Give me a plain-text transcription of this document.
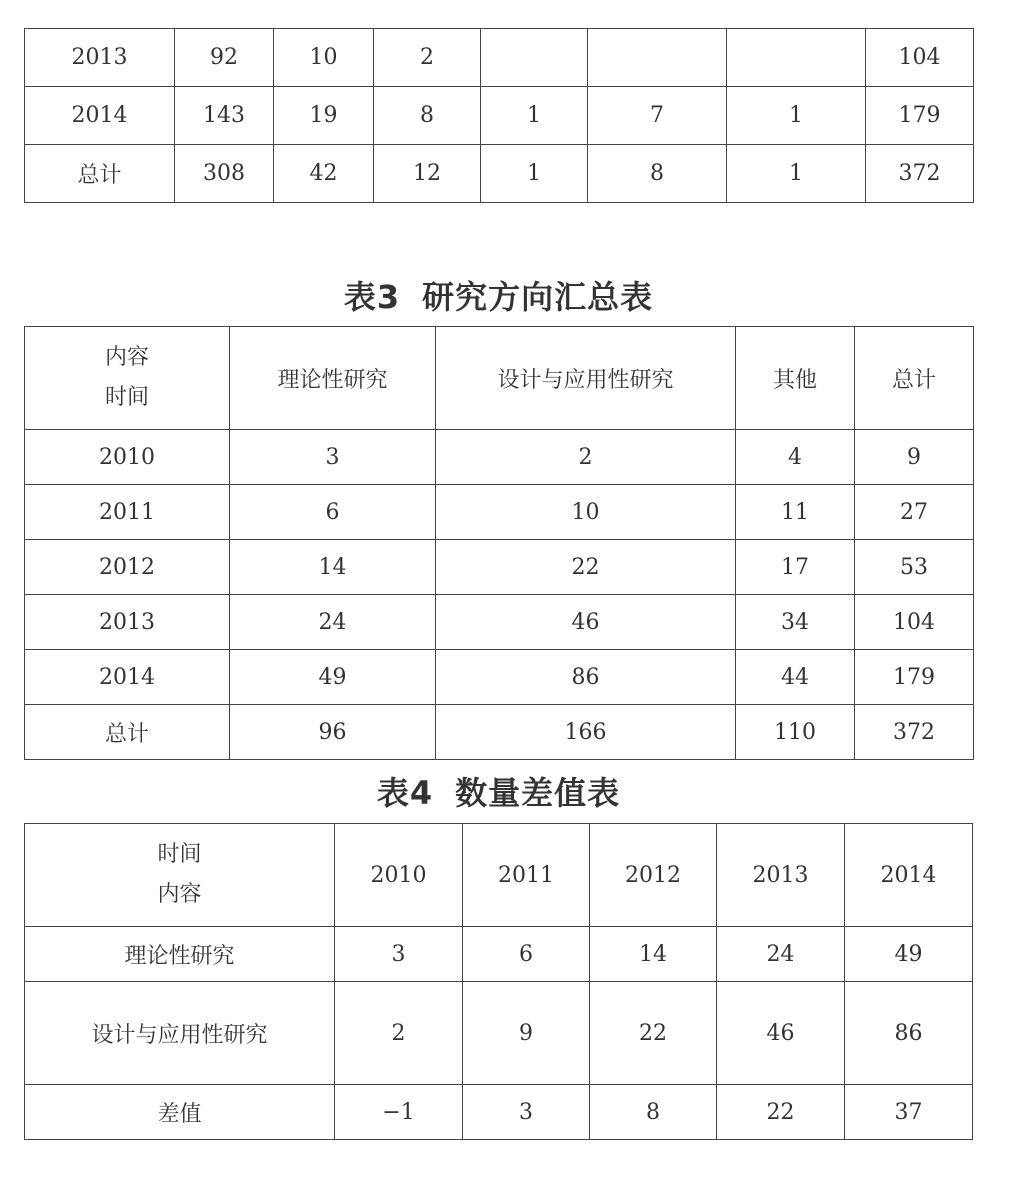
2013	92	10	2				104
2014	143	19	8	1	7	1	179
总计	308	42	12	1	8	1	372
表3 研究方向汇总表
内容
时间	理论性研究	设计与应用性研究	其他	总计
2010	3	2	4	9
2011	6	10	11	27
2012	14	22	17	53
2013	24	46	34	104
2014	49	86	44	179
总计	96	166	110	372
表4 数量差值表
时间
内容	2010	2011	2012	2013	2014
理论性研究	3	6	14	24	49
设计与应用性研究	2	9	22	46	86
差值	−1	3	8	22	37
